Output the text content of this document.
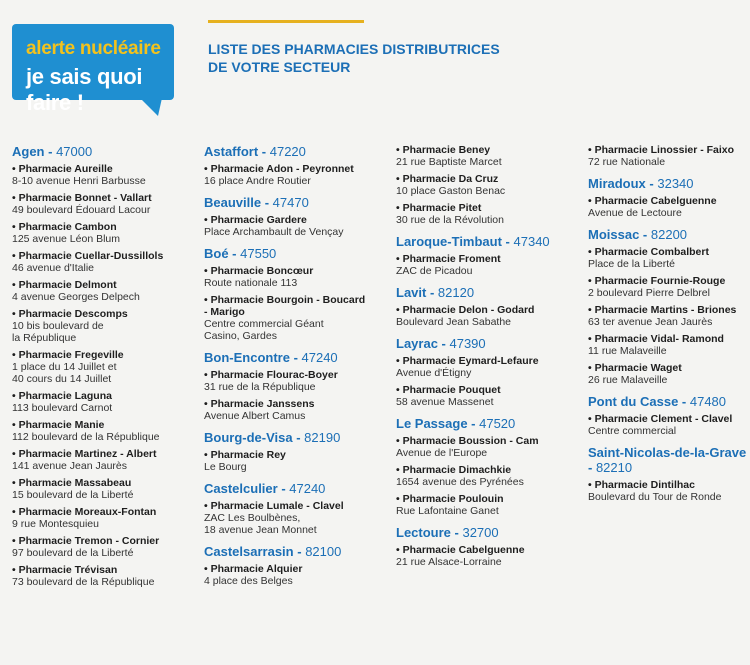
alerte nucléaire
je sais quoi faire !
LISTE DES PHARMACIES DISTRIBUTRICES
DE VOTRE SECTEUR
Agen - 47000
• Pharmacie Aureille
8-10 avenue Henri Barbusse
• Pharmacie Bonnet - Vallart
49 boulevard Édouard Lacour
• Pharmacie Cambon
125 avenue Léon Blum
• Pharmacie Cuellar-Dussillols
46 avenue d'Italie
• Pharmacie Delmont
4 avenue Georges Delpech
• Pharmacie Descomps
10 bis boulevard de
la République
• Pharmacie Fregeville
1 place du 14 Juillet et
40 cours du 14 Juillet
• Pharmacie Laguna
113 boulevard Carnot
• Pharmacie Manie
112 boulevard de la République
• Pharmacie Martinez - Albert
141 avenue Jean Jaurès
• Pharmacie Massabeau
15 boulevard de la Liberté
• Pharmacie Moreaux-Fontan
9 rue Montesquieu
• Pharmacie Tremon - Cornier
97 boulevard de la Liberté
• Pharmacie Trévisan
73 boulevard de la République
Astaffort - 47220
• Pharmacie Adon - Peyronnet
16 place Andre Routier
Beauville - 47470
• Pharmacie Gardere
Place Archambault de Vençay
Boé - 47550
• Pharmacie Boncœur
Route nationale 113
• Pharmacie Bourgoin - Boucard
- Marigo
Centre commercial Géant
Casino, Gardes
Bon-Encontre - 47240
• Pharmacie Flourac-Boyer
31 rue de la République
• Pharmacie Janssens
Avenue Albert Camus
Bourg-de-Visa - 82190
• Pharmacie Rey
Le Bourg
Castelculier - 47240
• Pharmacie Lumale - Clavel
ZAC Les Boulbènes,
18 avenue Jean Monnet
Castelsarrasin - 82100
• Pharmacie Alquier
4 place des Belges
• Pharmacie Beney
21 rue Baptiste Marcet
• Pharmacie Da Cruz
10 place Gaston Benac
• Pharmacie Pitet
30 rue de la Révolution
Laroque-Timbaut - 47340
• Pharmacie Froment
ZAC de Picadou
Lavit - 82120
• Pharmacie Delon - Godard
Boulevard Jean Sabathe
Layrac - 47390
• Pharmacie Eymard-Lefaure
Avenue d'Étigny
• Pharmacie Pouquet
58 avenue Massenet
Le Passage - 47520
• Pharmacie Boussion - Cam
Avenue de l'Europe
• Pharmacie Dimachkie
1654 avenue des Pyrénées
• Pharmacie Poulouin
Rue Lafontaine Ganet
Lectoure - 32700
• Pharmacie Cabelguenne
21 rue Alsace-Lorraine
• Pharmacie Linossier - Faixo
72 rue Nationale
Miradoux - 32340
• Pharmacie Cabelguenne
Avenue de Lectoure
Moissac - 82200
• Pharmacie Combalbert
Place de la Liberté
• Pharmacie Fournie-Rouge
2 boulevard Pierre Delbrel
• Pharmacie Martins - Briones
63 ter avenue Jean Jaurès
• Pharmacie Vidal- Ramond
11 rue Malaveille
• Pharmacie Waget
26 rue Malaveille
Pont du Casse - 47480
• Pharmacie Clement - Clavel
Centre commercial
Saint-Nicolas-de-la-Grave - 82210
• Pharmacie Dintilhac
Boulevard du Tour de Ronde
